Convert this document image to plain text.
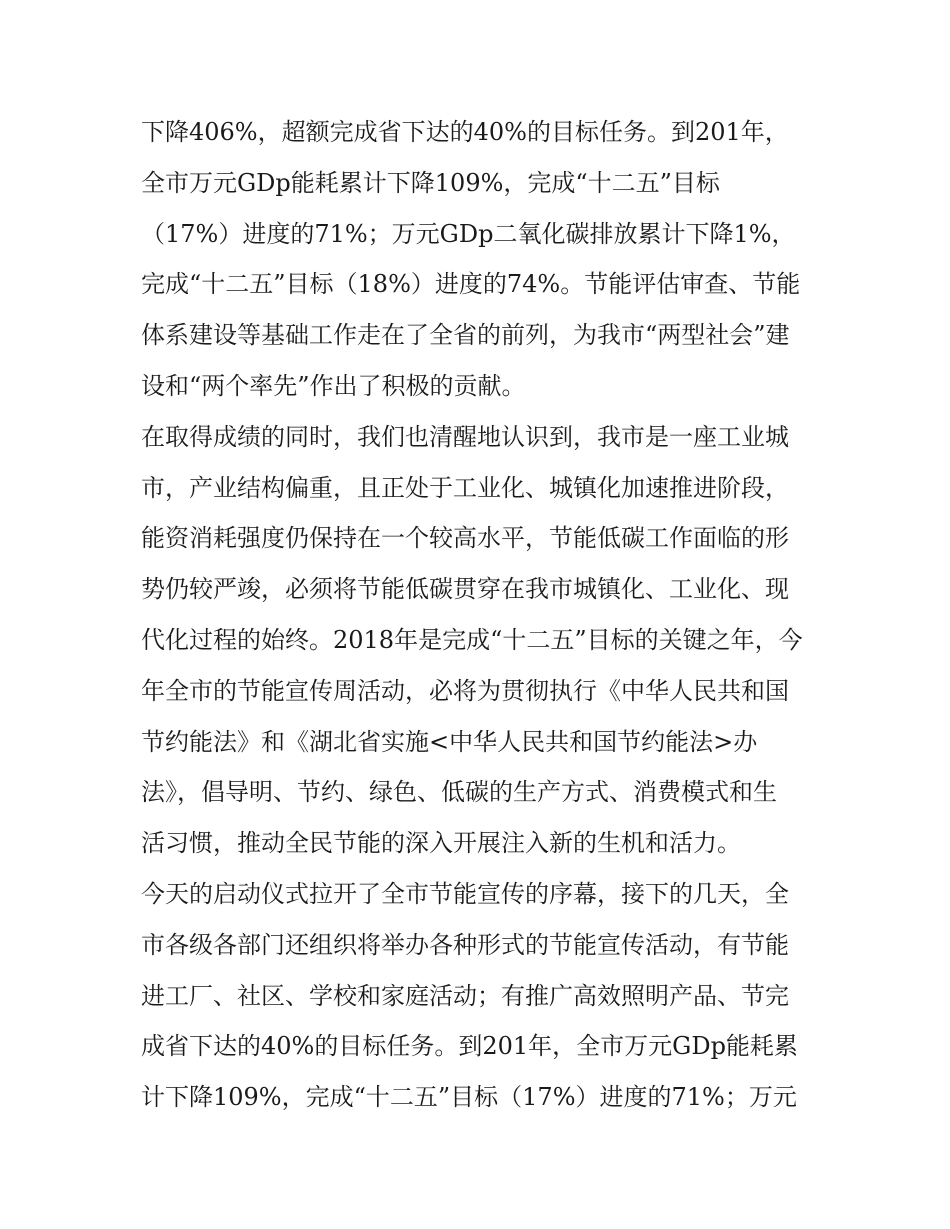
下降406%，超额完成省下达的40%的目标任务。到201年，
全市万元GDp能耗累计下降109%，完成“十二五”目标
（17%）进度的71%；万元GDp二氧化碳排放累计下降1%，
完成“十二五”目标（18%）进度的74%。节能评估审查、节能
体系建设等基础工作走在了全省的前列，为我市“两型社会”建
设和“两个率先”作出了积极的贡献。
在取得成绩的同时，我们也清醒地认识到，我市是一座工业城
市，产业结构偏重，且正处于工业化、城镇化加速推进阶段，
能资消耗强度仍保持在一个较高水平，节能低碳工作面临的形
势仍较严竣，必须将节能低碳贯穿在我市城镇化、工业化、现
代化过程的始终。2018年是完成“十二五”目标的关键之年，今
年全市的节能宣传周活动，必将为贯彻执行《中华人民共和国
节约能法》和《湖北省实施<中华人民共和国节约能法>办
法》，倡导明、节约、绿色、低碳的生产方式、消费模式和生
活习惯，推动全民节能的深入开展注入新的生机和活力。
今天的启动仪式拉开了全市节能宣传的序幕，接下的几天，全
市各级各部门还组织将举办各种形式的节能宣传活动，有节能
进工厂、社区、学校和家庭活动；有推广高效照明产品、节完
成省下达的40%的目标任务。到201年，全市万元GDp能耗累
计下降109%，完成“十二五”目标（17%）进度的71%；万元
